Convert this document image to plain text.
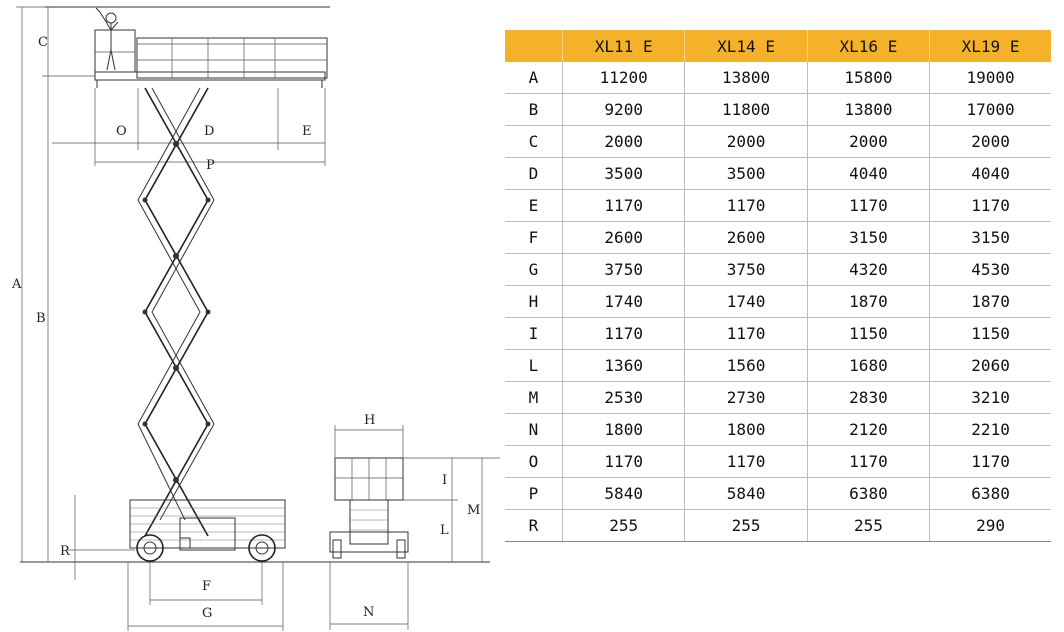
A
B
C
O	D	E
P
R
F
G
H
I
L
M
N
	XL11 E	XL14 E	XL16 E	XL19 E
A	11200	13800	15800	19000
B	9200	11800	13800	17000
C	2000	2000	2000	2000
D	3500	3500	4040	4040
E	1170	1170	1170	1170
F	2600	2600	3150	3150
G	3750	3750	4320	4530
H	1740	1740	1870	1870
I	1170	1170	1150	1150
L	1360	1560	1680	2060
M	2530	2730	2830	3210
N	1800	1800	2120	2210
O	1170	1170	1170	1170
P	5840	5840	6380	6380
R	255	255	255	290
